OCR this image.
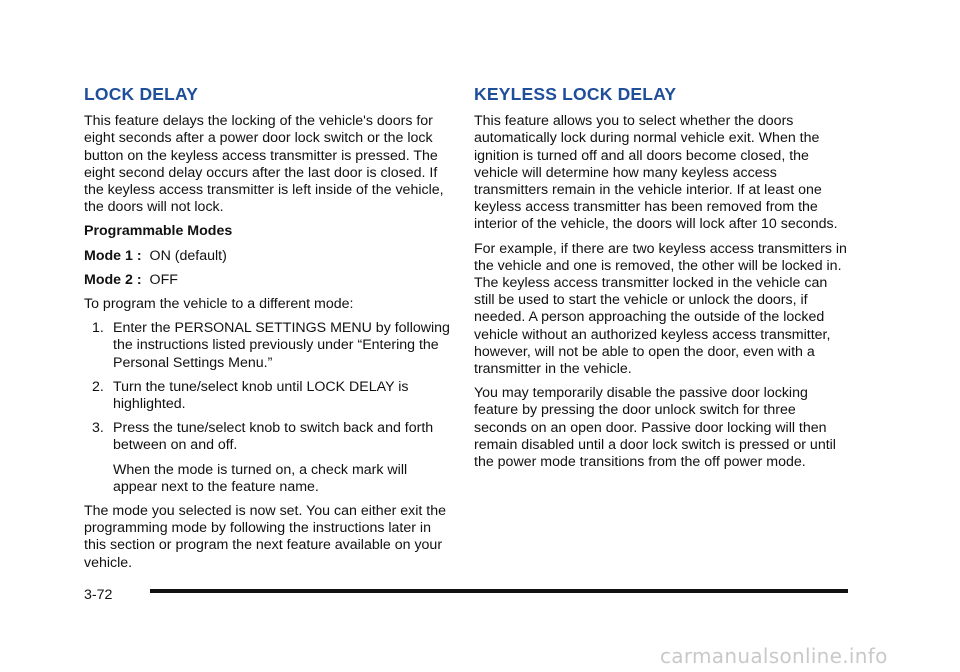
LOCK DELAY

This feature delays the locking of the vehicle's doors for eight seconds after a power door lock switch or the lock button on the keyless access transmitter is pressed. The eight second delay occurs after the last door is closed. If the keyless access transmitter is left inside of the vehicle, the doors will not lock.

Programmable Modes

Mode 1 : ON (default)
Mode 2 : OFF

To program the vehicle to a different mode:

1. Enter the PERSONAL SETTINGS MENU by following the instructions listed previously under “Entering the Personal Settings Menu.”
2. Turn the tune/select knob until LOCK DELAY is highlighted.
3. Press the tune/select knob to switch back and forth between on and off.
When the mode is turned on, a check mark will appear next to the feature name.

The mode you selected is now set. You can either exit the programming mode by following the instructions later in this section or program the next feature available on your vehicle.

KEYLESS LOCK DELAY

This feature allows you to select whether the doors automatically lock during normal vehicle exit. When the ignition is turned off and all doors become closed, the vehicle will determine how many keyless access transmitters remain in the vehicle interior. If at least one keyless access transmitter has been removed from the interior of the vehicle, the doors will lock after 10 seconds.

For example, if there are two keyless access transmitters in the vehicle and one is removed, the other will be locked in. The keyless access transmitter locked in the vehicle can still be used to start the vehicle or unlock the doors, if needed. A person approaching the outside of the locked vehicle without an authorized keyless access transmitter, however, will not be able to open the door, even with a transmitter in the vehicle.

You may temporarily disable the passive door locking feature by pressing the door unlock switch for three seconds on an open door. Passive door locking will then remain disabled until a door lock switch is pressed or until the power mode transitions from the off power mode.

3-72
carmanualsonline.info
